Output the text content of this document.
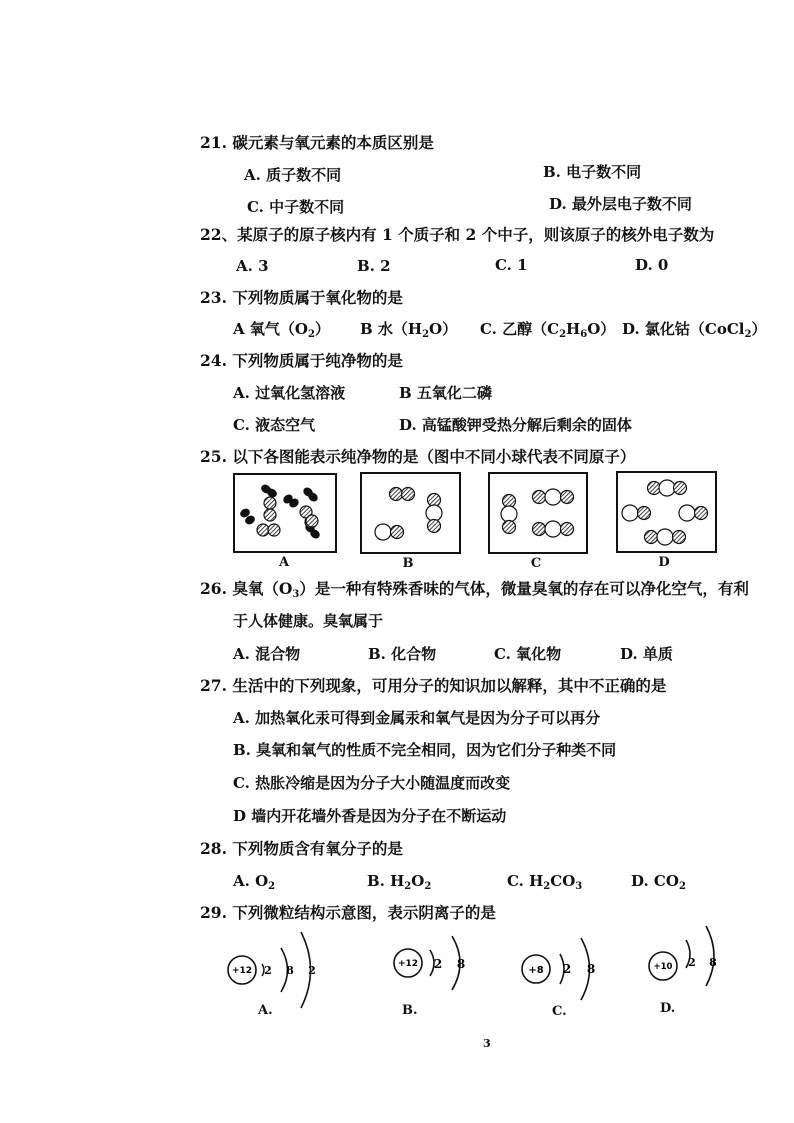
21. 碳元素与氧元素的本质区别是
A. 质子数不同	B. 电子数不同
C. 中子数不同	D. 最外层电子数不同
22、某原子的原子核内有 1 个质子和 2 个中子，则该原子的核外电子数为
A. 3	B. 2	C. 1	D. 0
23. 下列物质属于氧化物的是
A 氧气$(O_2)$ B 水$(H_2O)$ C. 乙醇$(C_2H_6O)$ D. 氯化钴（CoCl$_2$）
24. 下列物质属于纯净物的是
A. 过氧化氢溶液	B 五氧化二磷
C. 液态空气	D. 高锰酸钾受热分解后剩余的固体
25. 以下各图能表示纯净物的是（图中不同小球代表不同原子）
A	B	C	D
26. 臭氧$(O_3)$是一种有特殊香味的气体，微量臭氧的存在可以净化空气，有利
于人体健康。臭氧属于
A. 混合物	B. 化合物	C. 氧化物	D. 单质
27. 生活中的下列现象，可用分子的知识加以解释，其中不正确的是
A. 加热氧化汞可得到金属汞和氧气是因为分子可以再分
B. 臭氧和氧气的性质不完全相同，因为它们分子种类不同
C. 热胀冷缩是因为分子大小随温度而改变
D 墙内开花墙外香是因为分子在不断运动
28. 下列物质含有氧分子的是
A. $O_2$	B. $H_2O_2$	C. $H_2CO_3$	D. $CO_2$
29. 下列微粒结构示意图，表示阴离子的是
+12 2 8 2
A.
+12 2 8
B.
+8 2 8
C.
+10 2 8
D.
3
